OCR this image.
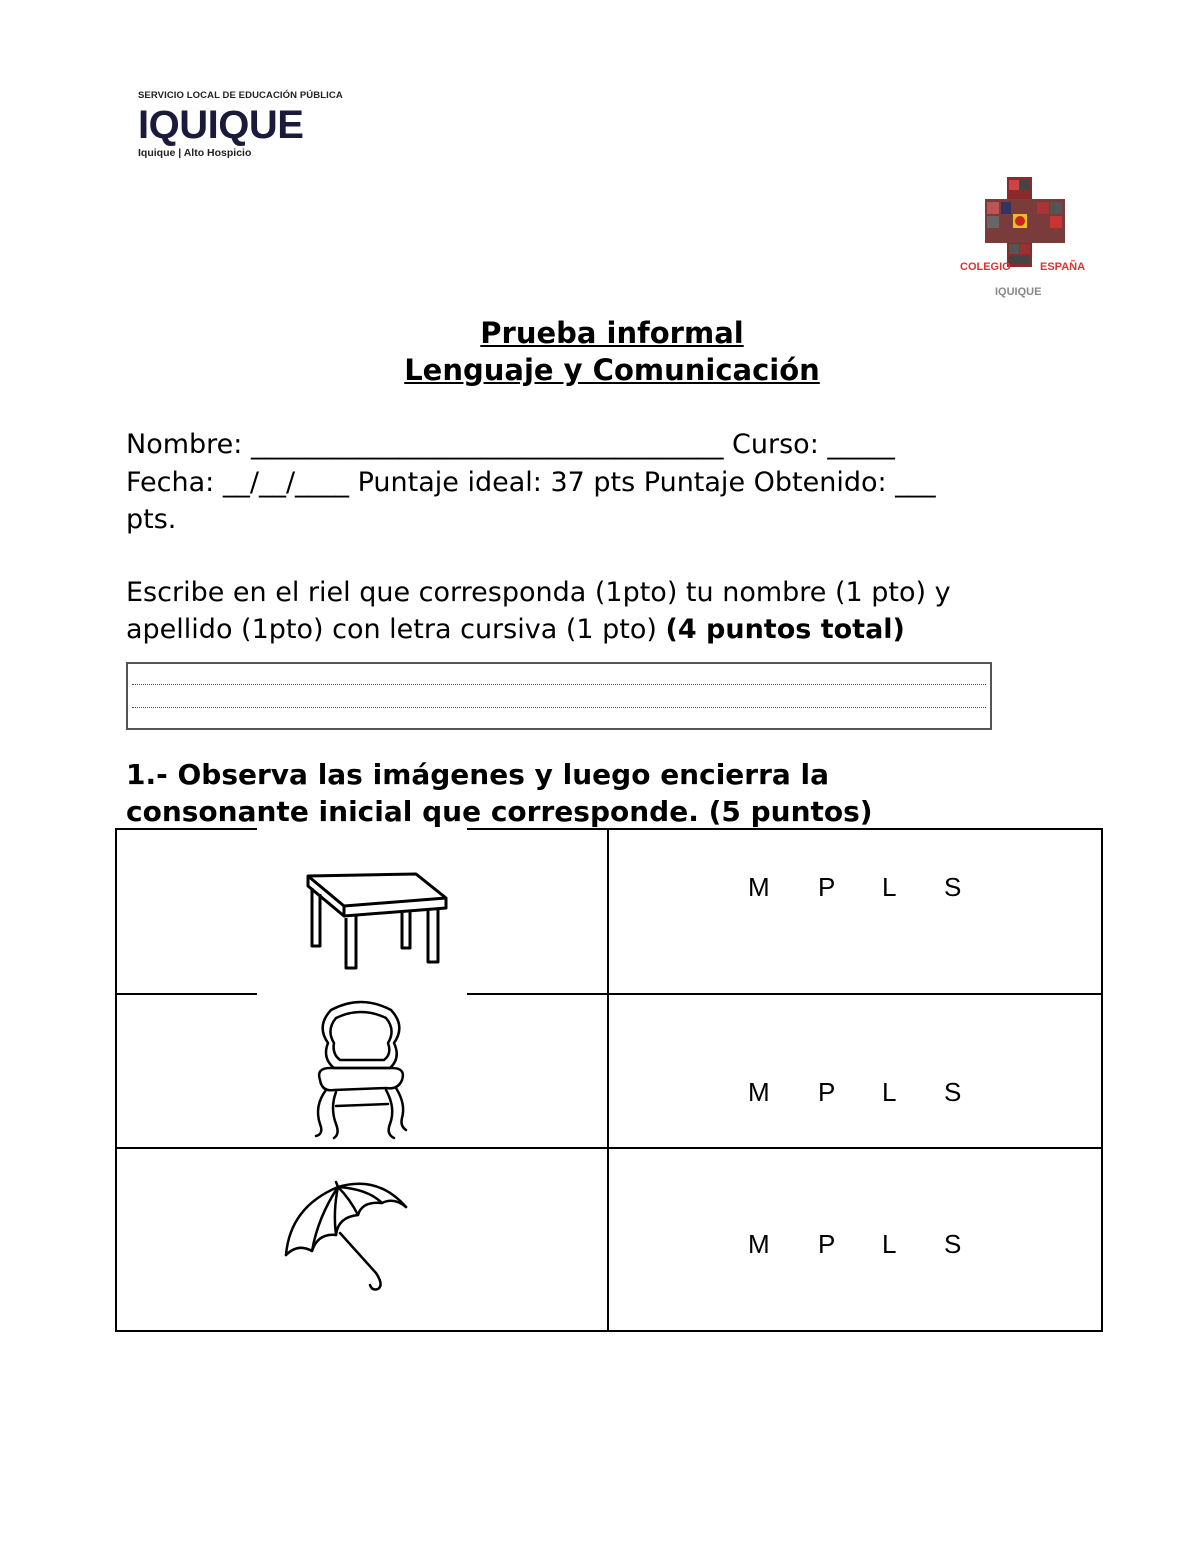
SERVICIO LOCAL DE EDUCACIÓN PÚBLICA
IQUIQUE
Iquique | Alto Hospicio
COLEGIO	ESPAÑA
IQUIQUE
Prueba informal
Lenguaje y Comunicación
Nombre: ___________________________________ Curso: _____
Fecha: __/__/____ Puntaje ideal: 37 pts Puntaje Obtenido: ___
pts.
Escribe en el riel que corresponda (1pto) tu nombre (1 pto) y
apellido (1pto) con letra cursiva (1 pto) (4 puntos total)
1.- Observa las imágenes y luego encierra la
consonante inicial que corresponde. (5 puntos)
M P L S
M P L S
M P L S
